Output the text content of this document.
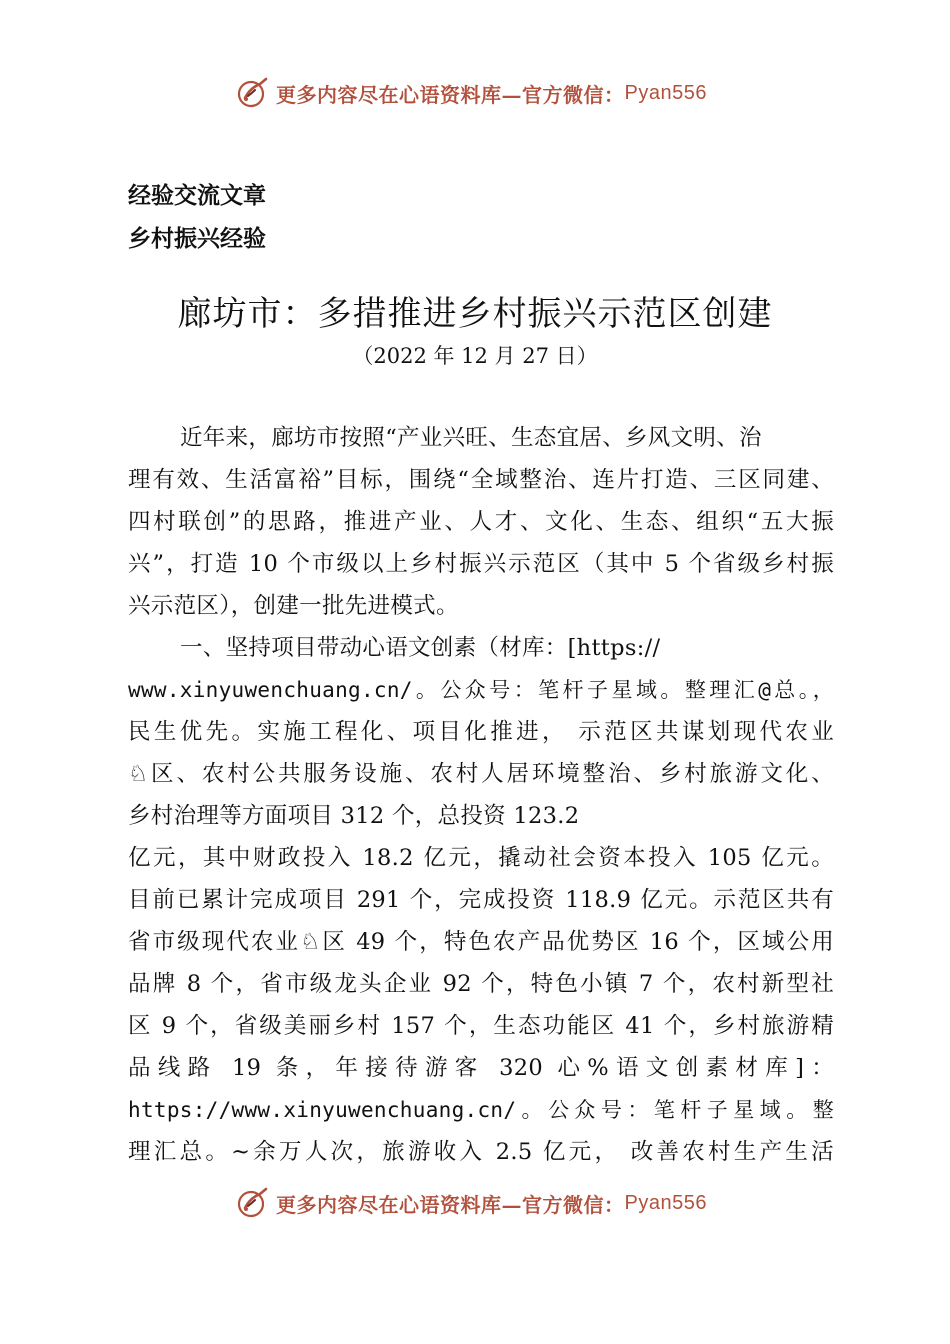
更多内容尽在心语资料库—官方微信： Pyan556
经验交流文章
乡村振兴经验
廊坊市：多措推进乡村振兴示范区创建
（2022 年 12 月 27 日）
近年来，廊坊市按照“产业兴旺、生态宜居、乡风文明、治
理有效、生活富裕”目标，围绕“全域整治、连片打造、三区同建、
四村联创”的思路，推进产业、人才、文化、生态、组织“五大振
兴”，打造 10 个市级以上乡村振兴示范区（其中 5 个省级乡村振
兴示范区），创建一批先进模式。
一、坚持项目带动心语文创素（材库：[https://
www.xinyuwenchuang.cn/。公众号：笔杆子星域。整理汇@总。，
民生优先。实施工程化、项目化推进， 示范区共谋划现代农业
♘区、农村公共服务设施、农村人居环境整治、乡村旅游文化、
乡村治理等方面项目 312 个，总投资 123.2
亿元，其中财政投入 18.2 亿元，撬动社会资本投入 105 亿元。
目前已累计完成项目 291 个，完成投资 118.9 亿元。示范区共有
省市级现代农业♘区 49 个，特色农产品优势区 16 个，区域公用
品牌 8 个，省市级龙头企业 92 个，特色小镇 7 个，农村新型社
区 9 个，省级美丽乡村 157 个，生态功能区 41 个，乡村旅游精
品线路 19 条，年接待游客 320 心%语文创素材库]：
https://www.xinyuwenchuang.cn/。公众号：笔杆子星域。整
理汇总。~余万人次，旅游收入 2.5 亿元， 改善农村生产生活
更多内容尽在心语资料库—官方微信： Pyan556
